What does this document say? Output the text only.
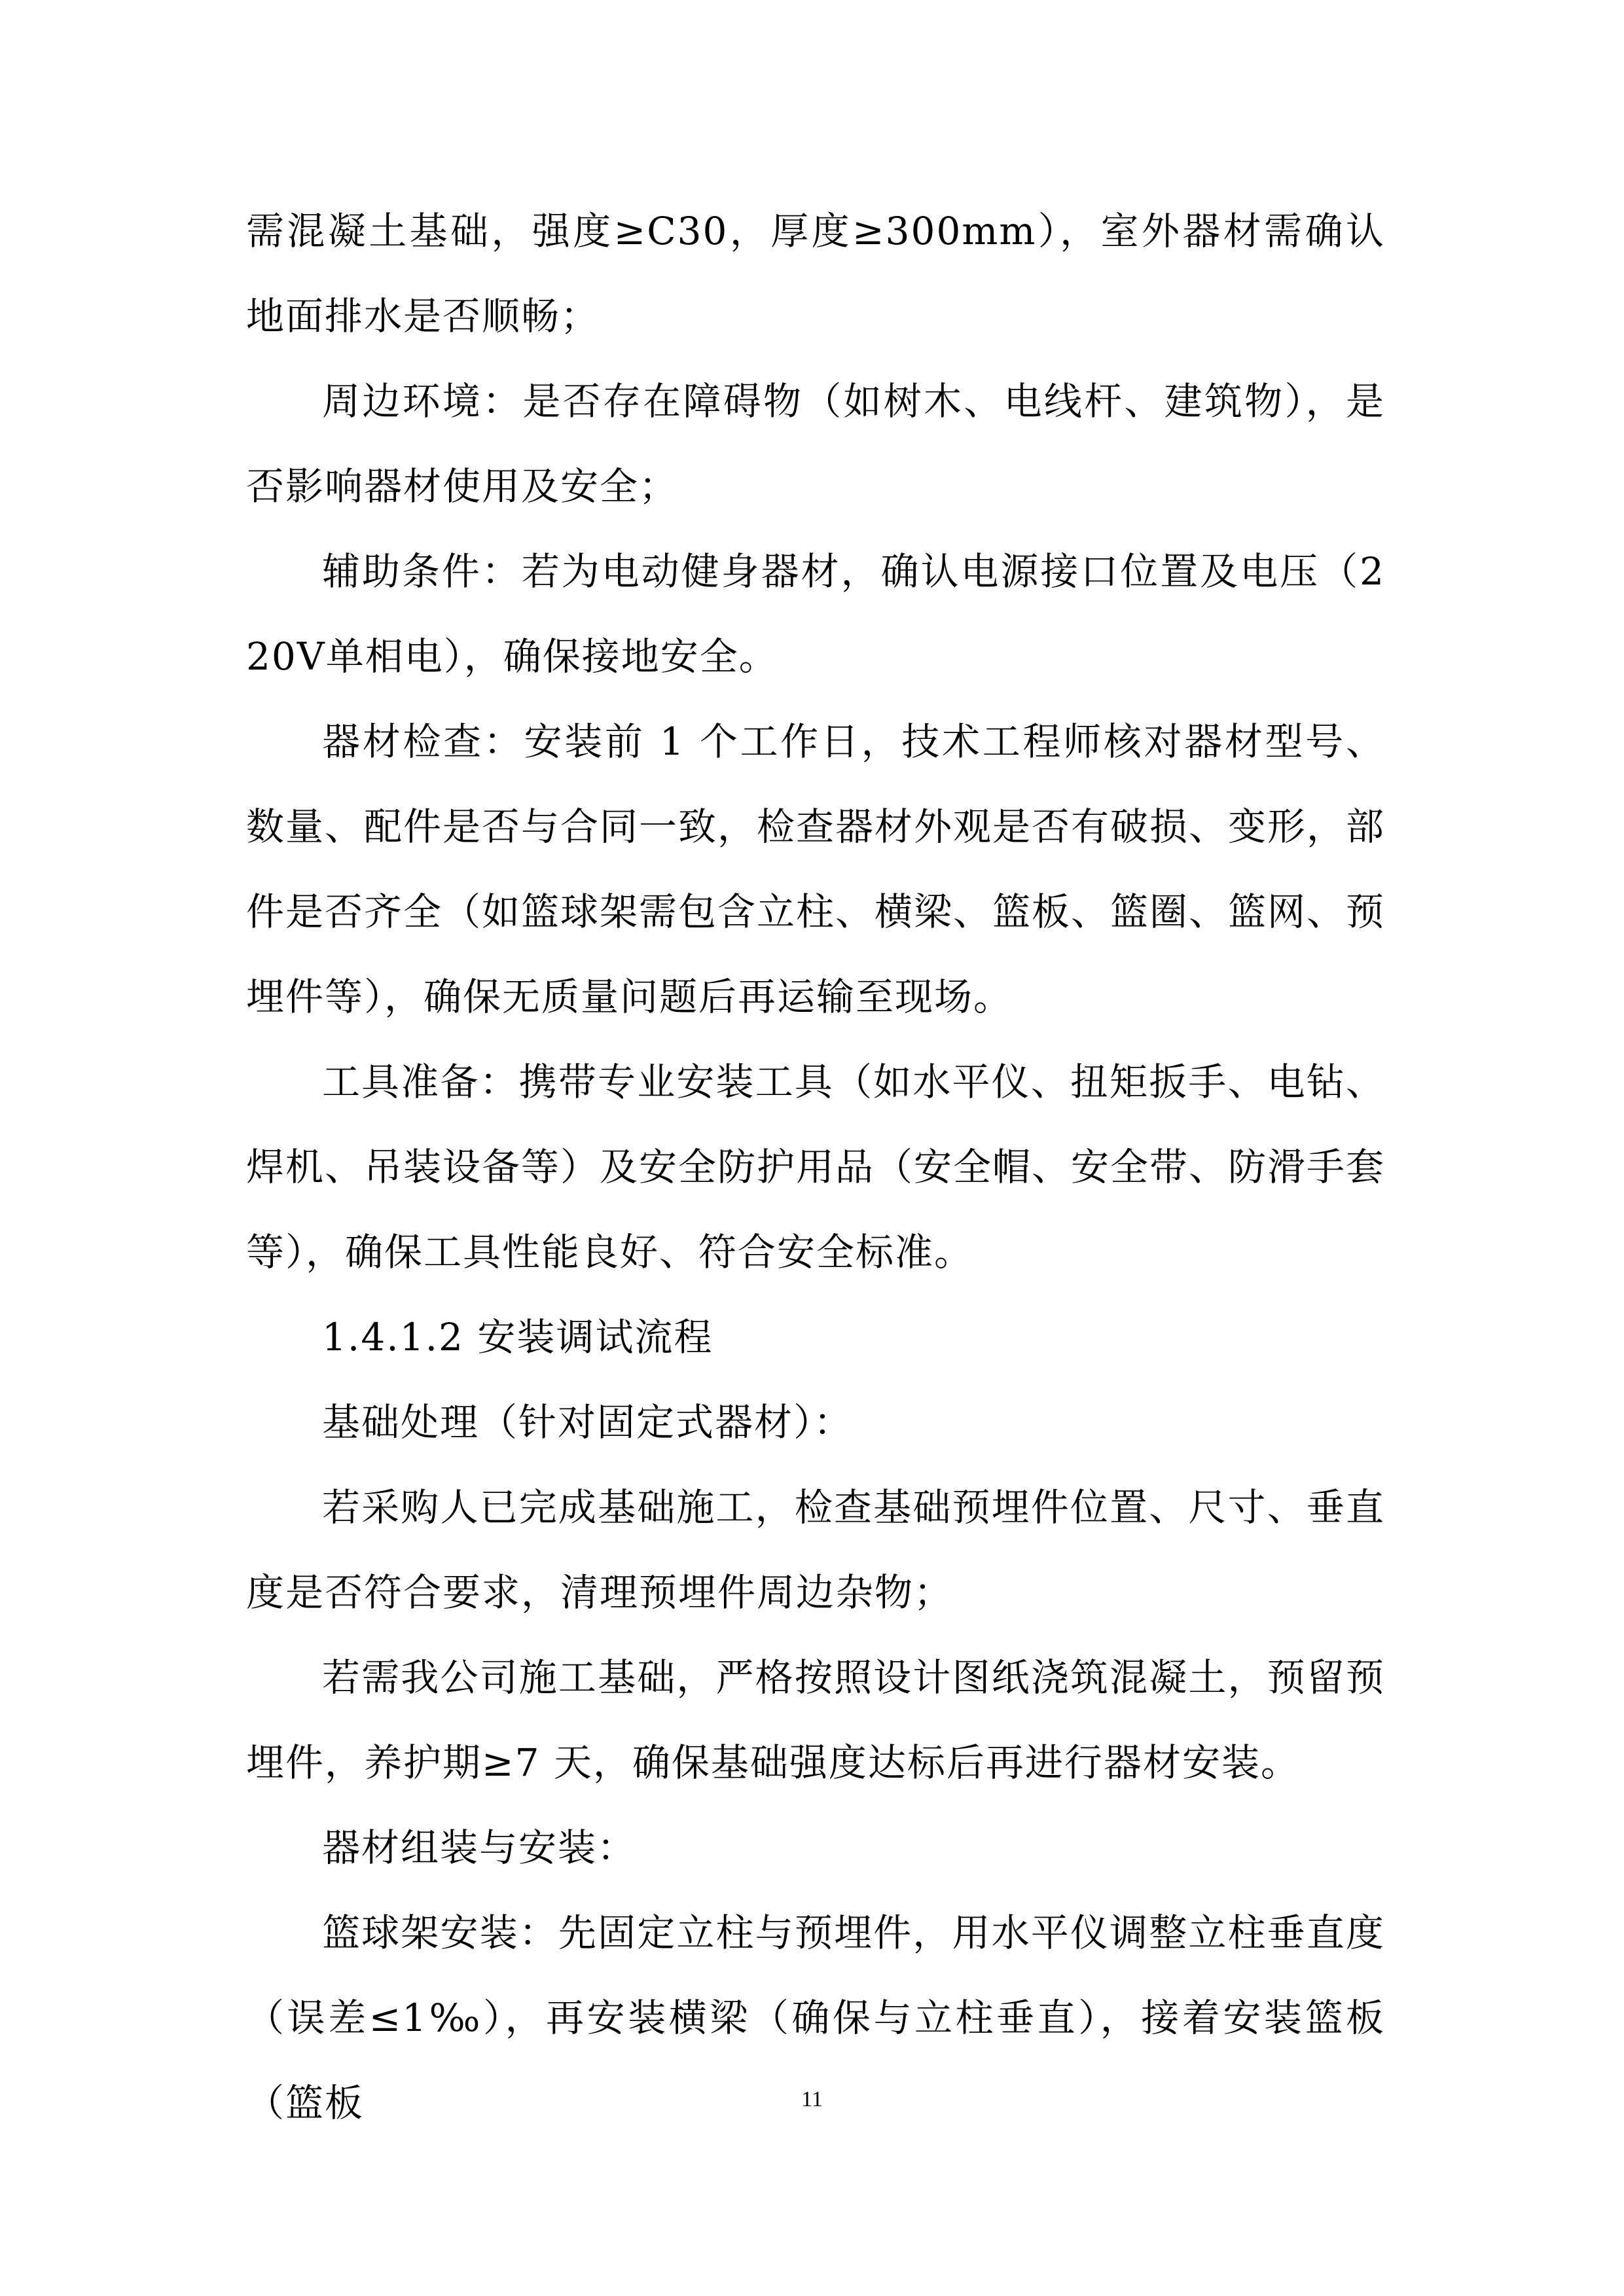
需混凝土基础，强度≥C30，厚度≥300mm），室外器材需确认地面排水是否顺畅；

周边环境：是否存在障碍物（如树木、电线杆、建筑物），是否影响器材使用及安全；

辅助条件：若为电动健身器材，确认电源接口位置及电压（220V单相电），确保接地安全。

器材检查：安装前 1 个工作日，技术工程师核对器材型号、数量、配件是否与合同一致，检查器材外观是否有破损、变形，部件是否齐全（如篮球架需包含立柱、横梁、篮板、篮圈、篮网、预埋件等），确保无质量问题后再运输至现场。

工具准备：携带专业安装工具（如水平仪、扭矩扳手、电钻、焊机、吊装设备等）及安全防护用品（安全帽、安全带、防滑手套等），确保工具性能良好、符合安全标准。

1.4.1.2 安装调试流程

基础处理（针对固定式器材）：

若采购人已完成基础施工，检查基础预埋件位置、尺寸、垂直度是否符合要求，清理预埋件周边杂物；

若需我公司施工基础，严格按照设计图纸浇筑混凝土，预留预埋件，养护期≥7 天，确保基础强度达标后再进行器材安装。

器材组装与安装：

篮球架安装：先固定立柱与预埋件，用水平仪调整立柱垂直度（误差≤1‰），再安装横梁（确保与立柱垂直），接着安装篮板（篮板	11
